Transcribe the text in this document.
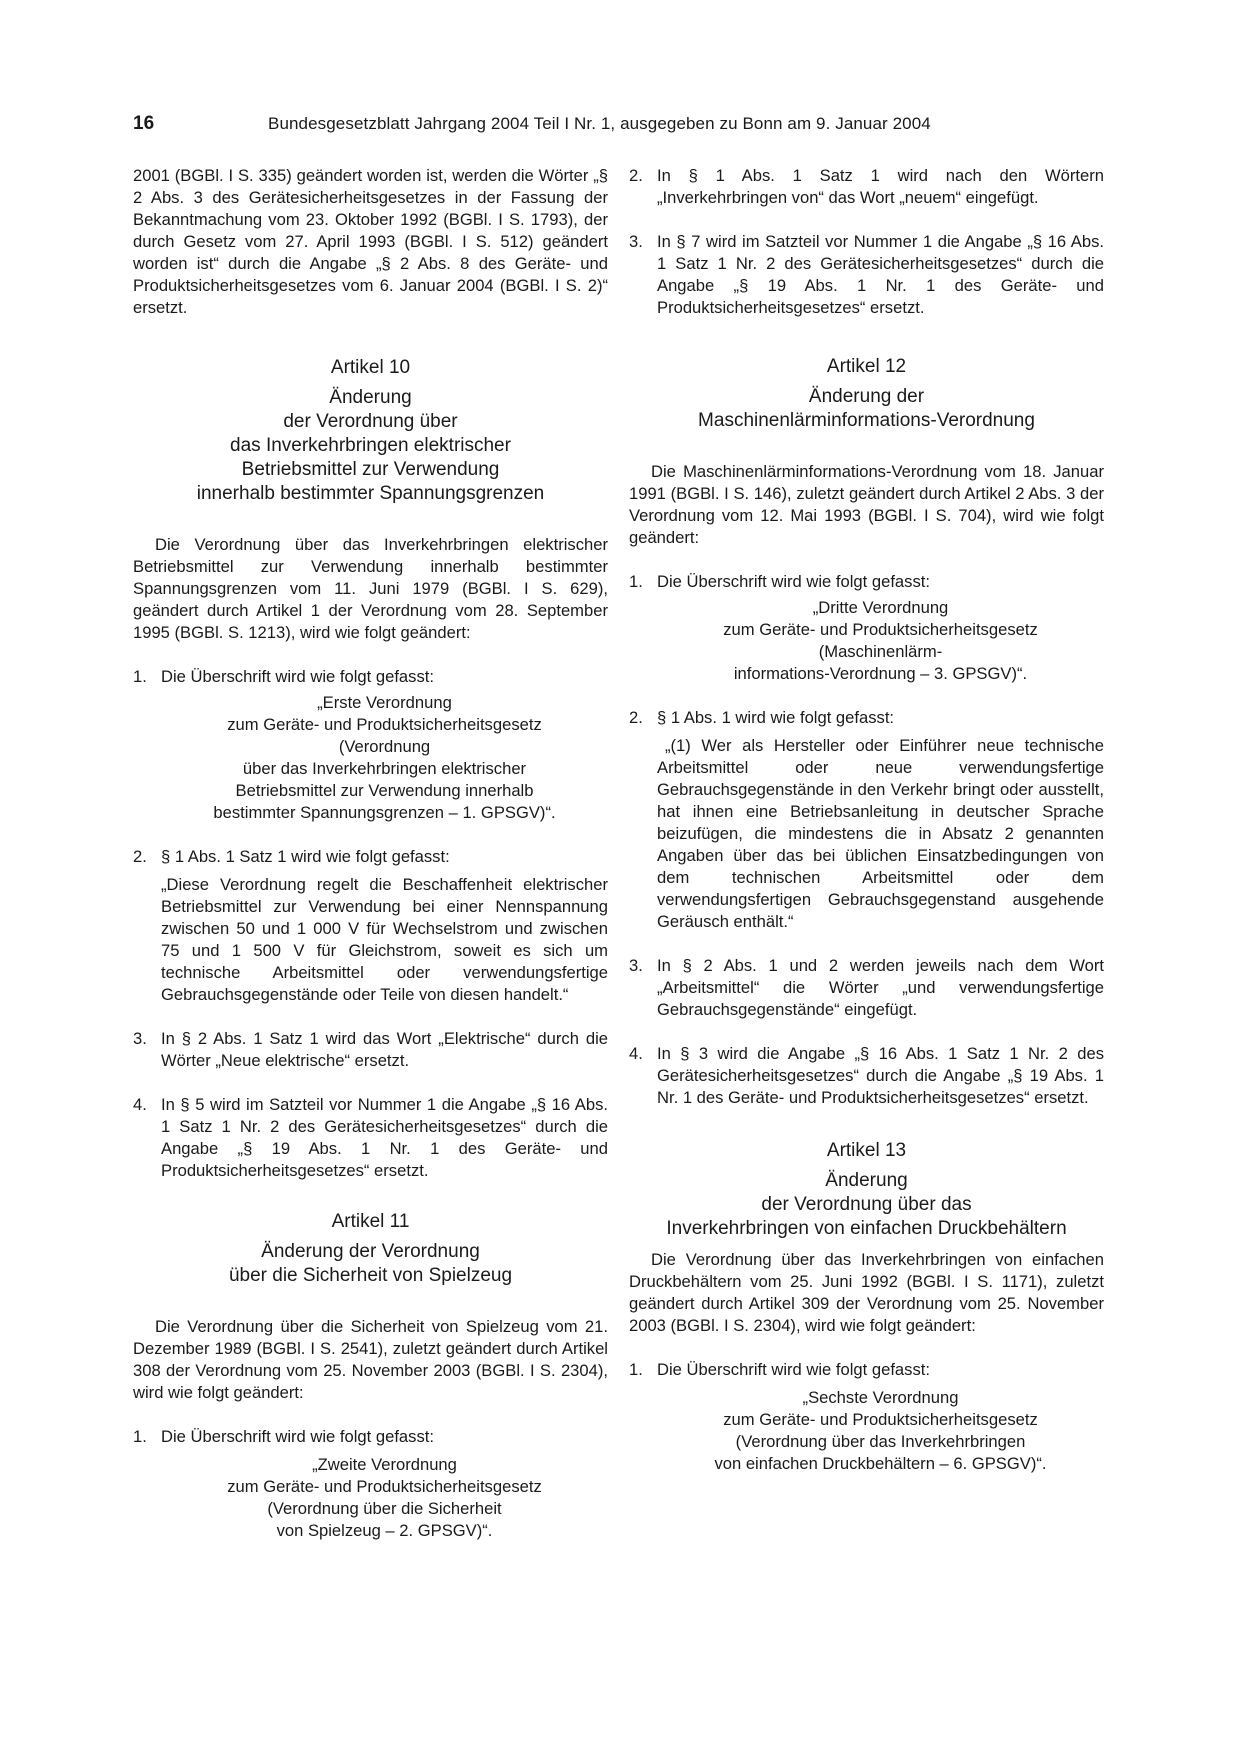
16	Bundesgesetzblatt Jahrgang 2004 Teil I Nr. 1, ausgegeben zu Bonn am 9. Januar 2004

2001 (BGBl. I S. 335) geändert worden ist, werden die Wörter „§ 2 Abs. 3 des Gerätesicherheitsgesetzes in der Fassung der Bekanntmachung vom 23. Oktober 1992 (BGBl. I S. 1793), der durch Gesetz vom 27. April 1993 (BGBl. I S. 512) geändert worden ist“ durch die Angabe „§ 2 Abs. 8 des Geräte- und Produktsicherheitsgesetzes vom 6. Januar 2004 (BGBl. I S. 2)“ ersetzt.

Artikel 10
Änderung
der Verordnung über
das Inverkehrbringen elektrischer
Betriebsmittel zur Verwendung
innerhalb bestimmter Spannungsgrenzen

Die Verordnung über das Inverkehrbringen elektrischer Betriebsmittel zur Verwendung innerhalb bestimmter Spannungsgrenzen vom 11. Juni 1979 (BGBl. I S. 629), geändert durch Artikel 1 der Verordnung vom 28. September 1995 (BGBl. S. 1213), wird wie folgt geändert:

1. Die Überschrift wird wie folgt gefasst:
„Erste Verordnung
zum Geräte- und Produktsicherheitsgesetz
(Verordnung
über das Inverkehrbringen elektrischer
Betriebsmittel zur Verwendung innerhalb
bestimmter Spannungsgrenzen – 1. GPSGV)“.
2. § 1 Abs. 1 Satz 1 wird wie folgt gefasst:

„Diese Verordnung regelt die Beschaffenheit elektrischer Betriebsmittel zur Verwendung bei einer Nennspannung zwischen 50 und 1 000 V für Wechselstrom und zwischen 75 und 1 500 V für Gleichstrom, soweit es sich um technische Arbeitsmittel oder verwendungsfertige Gebrauchsgegenstände oder Teile von diesen handelt.“

3. In § 2 Abs. 1 Satz 1 wird das Wort „Elektrische“ durch die Wörter „Neue elektrische“ ersetzt.
4. In § 5 wird im Satzteil vor Nummer 1 die Angabe „§ 16 Abs. 1 Satz 1 Nr. 2 des Gerätesicherheitsgesetzes“ durch die Angabe „§ 19 Abs. 1 Nr. 1 des Geräte- und Produktsicherheitsgesetzes“ ersetzt.
Artikel 11
Änderung der Verordnung
über die Sicherheit von Spielzeug

Die Verordnung über die Sicherheit von Spielzeug vom 21. Dezember 1989 (BGBl. I S. 2541), zuletzt geändert durch Artikel 308 der Verordnung vom 25. November 2003 (BGBl. I S. 2304), wird wie folgt geändert:

1. Die Überschrift wird wie folgt gefasst:
„Zweite Verordnung
zum Geräte- und Produktsicherheitsgesetz
(Verordnung über die Sicherheit
von Spielzeug – 2. GPSGV)“.
2. In § 1 Abs. 1 Satz 1 wird nach den Wörtern „Inverkehrbringen von“ das Wort „neuem“ eingefügt.
3. In § 7 wird im Satzteil vor Nummer 1 die Angabe „§ 16 Abs. 1 Satz 1 Nr. 2 des Gerätesicherheitsgesetzes“ durch die Angabe „§ 19 Abs. 1 Nr. 1 des Geräte- und Produktsicherheitsgesetzes“ ersetzt.
Artikel 12
Änderung der
Maschinenlärminformations-Verordnung

Die Maschinenlärminformations-Verordnung vom 18. Januar 1991 (BGBl. I S. 146), zuletzt geändert durch Artikel 2 Abs. 3 der Verordnung vom 12. Mai 1993 (BGBl. I S. 704), wird wie folgt geändert:

1. Die Überschrift wird wie folgt gefasst:
„Dritte Verordnung
zum Geräte- und Produktsicherheitsgesetz
(Maschinenlärm-
informations-Verordnung – 3. GPSGV)“.
2. § 1 Abs. 1 wird wie folgt gefasst:

„(1) Wer als Hersteller oder Einführer neue technische Arbeitsmittel oder neue verwendungsfertige Gebrauchsgegenstände in den Verkehr bringt oder ausstellt, hat ihnen eine Betriebsanleitung in deutscher Sprache beizufügen, die mindestens die in Absatz 2 genannten Angaben über das bei üblichen Einsatzbedingungen von dem technischen Arbeitsmittel oder dem verwendungsfertigen Gebrauchsgegenstand ausgehende Geräusch enthält.“

3. In § 2 Abs. 1 und 2 werden jeweils nach dem Wort „Arbeitsmittel“ die Wörter „und verwendungsfertige Gebrauchsgegenstände“ eingefügt.
4. In § 3 wird die Angabe „§ 16 Abs. 1 Satz 1 Nr. 2 des Gerätesicherheitsgesetzes“ durch die Angabe „§ 19 Abs. 1 Nr. 1 des Geräte- und Produktsicherheitsgesetzes“ ersetzt.
Artikel 13
Änderung
der Verordnung über das
Inverkehrbringen von einfachen Druckbehältern

Die Verordnung über das Inverkehrbringen von einfachen Druckbehältern vom 25. Juni 1992 (BGBl. I S. 1171), zuletzt geändert durch Artikel 309 der Verordnung vom 25. November 2003 (BGBl. I S. 2304), wird wie folgt geändert:

1. Die Überschrift wird wie folgt gefasst:
„Sechste Verordnung
zum Geräte- und Produktsicherheitsgesetz
(Verordnung über das Inverkehrbringen
von einfachen Druckbehältern – 6. GPSGV)“.
